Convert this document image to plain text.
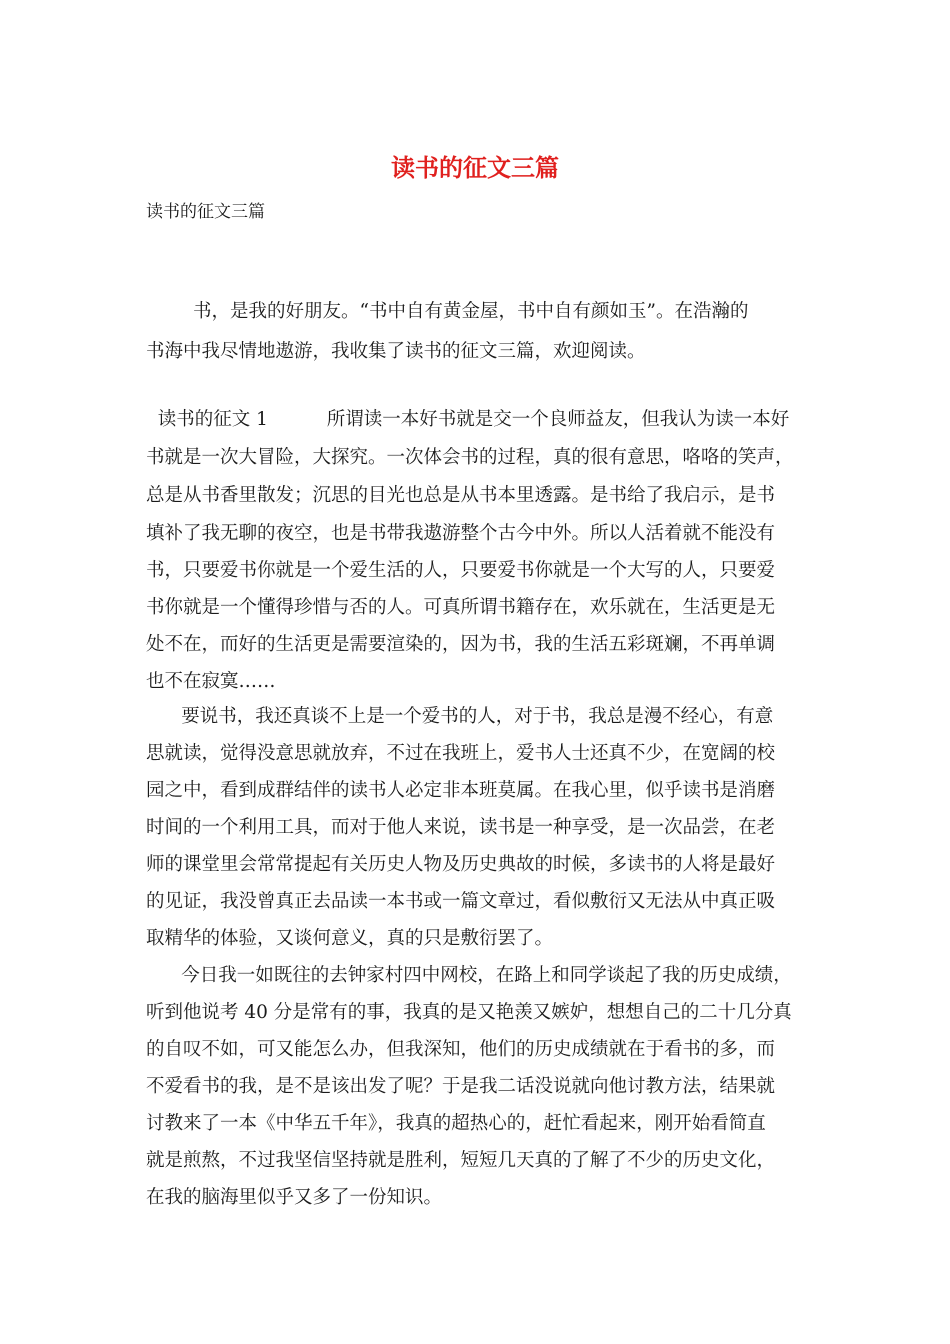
读书的征文三篇
读书的征文三篇
书，是我的好朋友。“书中自有黄金屋，书中自有颜如玉”。在浩瀚的
书海中我尽情地遨游，我收集了读书的征文三篇，欢迎阅读。
读书的征文 1          所谓读一本好书就是交一个良师益友，但我认为读一本好
书就是一次大冒险，大探究。一次体会书的过程，真的很有意思，咯咯的笑声，
总是从书香里散发；沉思的目光也总是从书本里透露。是书给了我启示，是书
填补了我无聊的夜空，也是书带我遨游整个古今中外。所以人活着就不能没有
书，只要爱书你就是一个爱生活的人，只要爱书你就是一个大写的人，只要爱
书你就是一个懂得珍惜与否的人。可真所谓书籍存在，欢乐就在，生活更是无
处不在，而好的生活更是需要渲染的，因为书，我的生活五彩斑斓，不再单调
也不在寂寞……
要说书，我还真谈不上是一个爱书的人，对于书，我总是漫不经心，有意
思就读，觉得没意思就放弃，不过在我班上，爱书人士还真不少，在宽阔的校
园之中，看到成群结伴的读书人必定非本班莫属。在我心里，似乎读书是消磨
时间的一个利用工具，而对于他人来说，读书是一种享受，是一次品尝，在老
师的课堂里会常常提起有关历史人物及历史典故的时候，多读书的人将是最好
的见证，我没曾真正去品读一本书或一篇文章过，看似敷衍又无法从中真正吸
取精华的体验，又谈何意义，真的只是敷衍罢了。
今日我一如既往的去钟家村四中网校，在路上和同学谈起了我的历史成绩，
听到他说考 40 分是常有的事，我真的是又艳羡又嫉妒，想想自己的二十几分真
的自叹不如，可又能怎么办，但我深知，他们的历史成绩就在于看书的多，而
不爱看书的我，是不是该出发了呢？于是我二话没说就向他讨教方法，结果就
讨教来了一本《中华五千年》，我真的超热心的，赶忙看起来，刚开始看简直
就是煎熬，不过我坚信坚持就是胜利，短短几天真的了解了不少的历史文化，
在我的脑海里似乎又多了一份知识。
